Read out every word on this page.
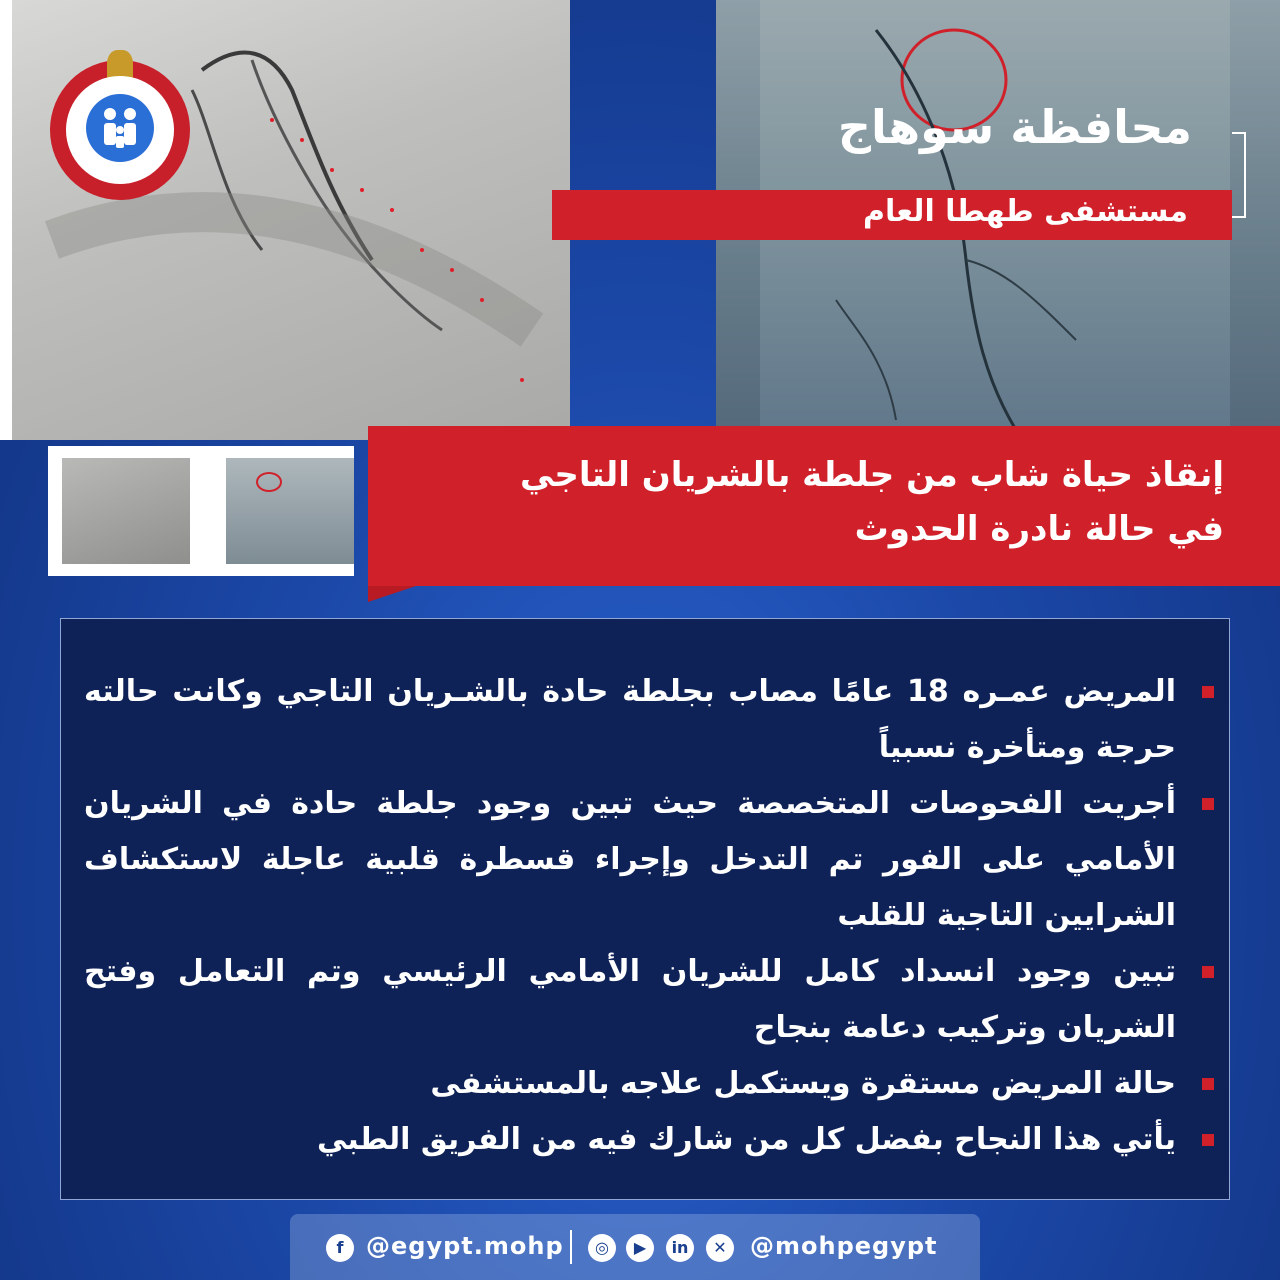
محافظة سوهاج
مستشفى طهطا العام
إنقاذ حياة شاب من جلطة بالشريان التاجي في حالة نادرة الحدوث
المريض عمـره 18 عامًا مصاب بجلطة حادة بالشـريان التاجي وكانت حالته حرجة ومتأخرة نسبياً
أجريت الفحوصات المتخصصة حيث تبين وجود جلطة حادة في الشريان الأمامي على الفور تم التدخل وإجراء قسطرة قلبية عاجلة لاستكشاف الشرايين التاجية للقلب
تبين وجود انسداد كامل للشريان الأمامي الرئيسي وتم التعامل وفتح الشريان وتركيب دعامة بنجاح
حالة المريض مستقرة ويستكمل علاجه بالمستشفى
يأتي هذا النجاح بفضل كل من شارك فيه من الفريق الطبي
f @egypt.mohp	◎	▶	in	✕ @mohpegypt
